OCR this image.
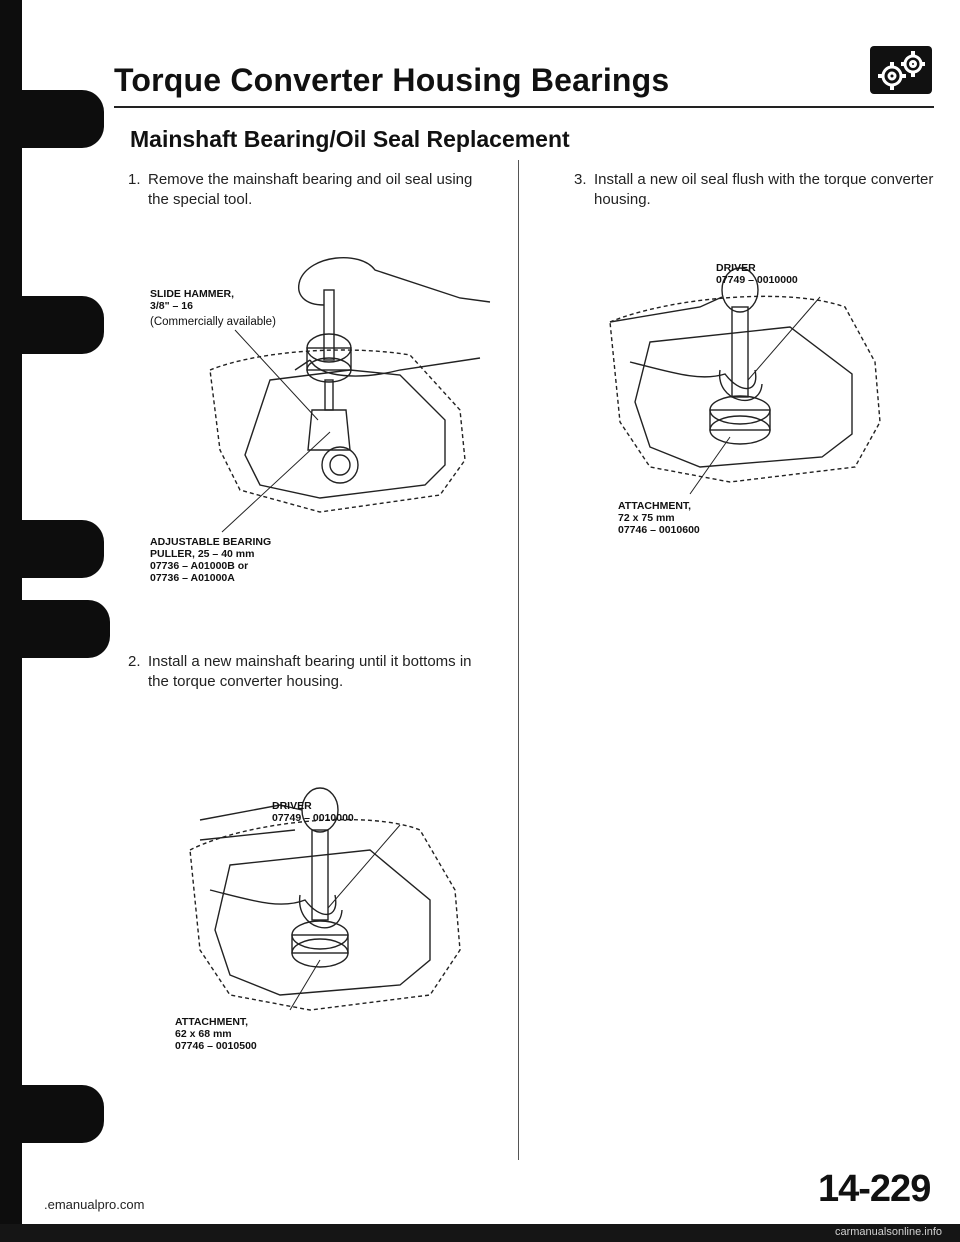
Torque Converter Housing Bearings
Mainshaft Bearing/Oil Seal Replacement
1. Remove the mainshaft bearing and oil seal using the special tool.
SLIDE HAMMER,
3/8" – 16
(Commercially available)
ADJUSTABLE BEARING
PULLER, 25 – 40 mm
07736 – A01000B or
07736 – A01000A
2. Install a new mainshaft bearing until it bottoms in the torque converter housing.
DRIVER
07749 – 0010000
ATTACHMENT,
62 x 68 mm
07746 – 0010500
3. Install a new oil seal flush with the torque converter housing.
DRIVER
07749 – 0010000
ATTACHMENT,
72 x 75 mm
07746 – 0010600
.emanualpro.com	14-229
carmanualsonline.info
